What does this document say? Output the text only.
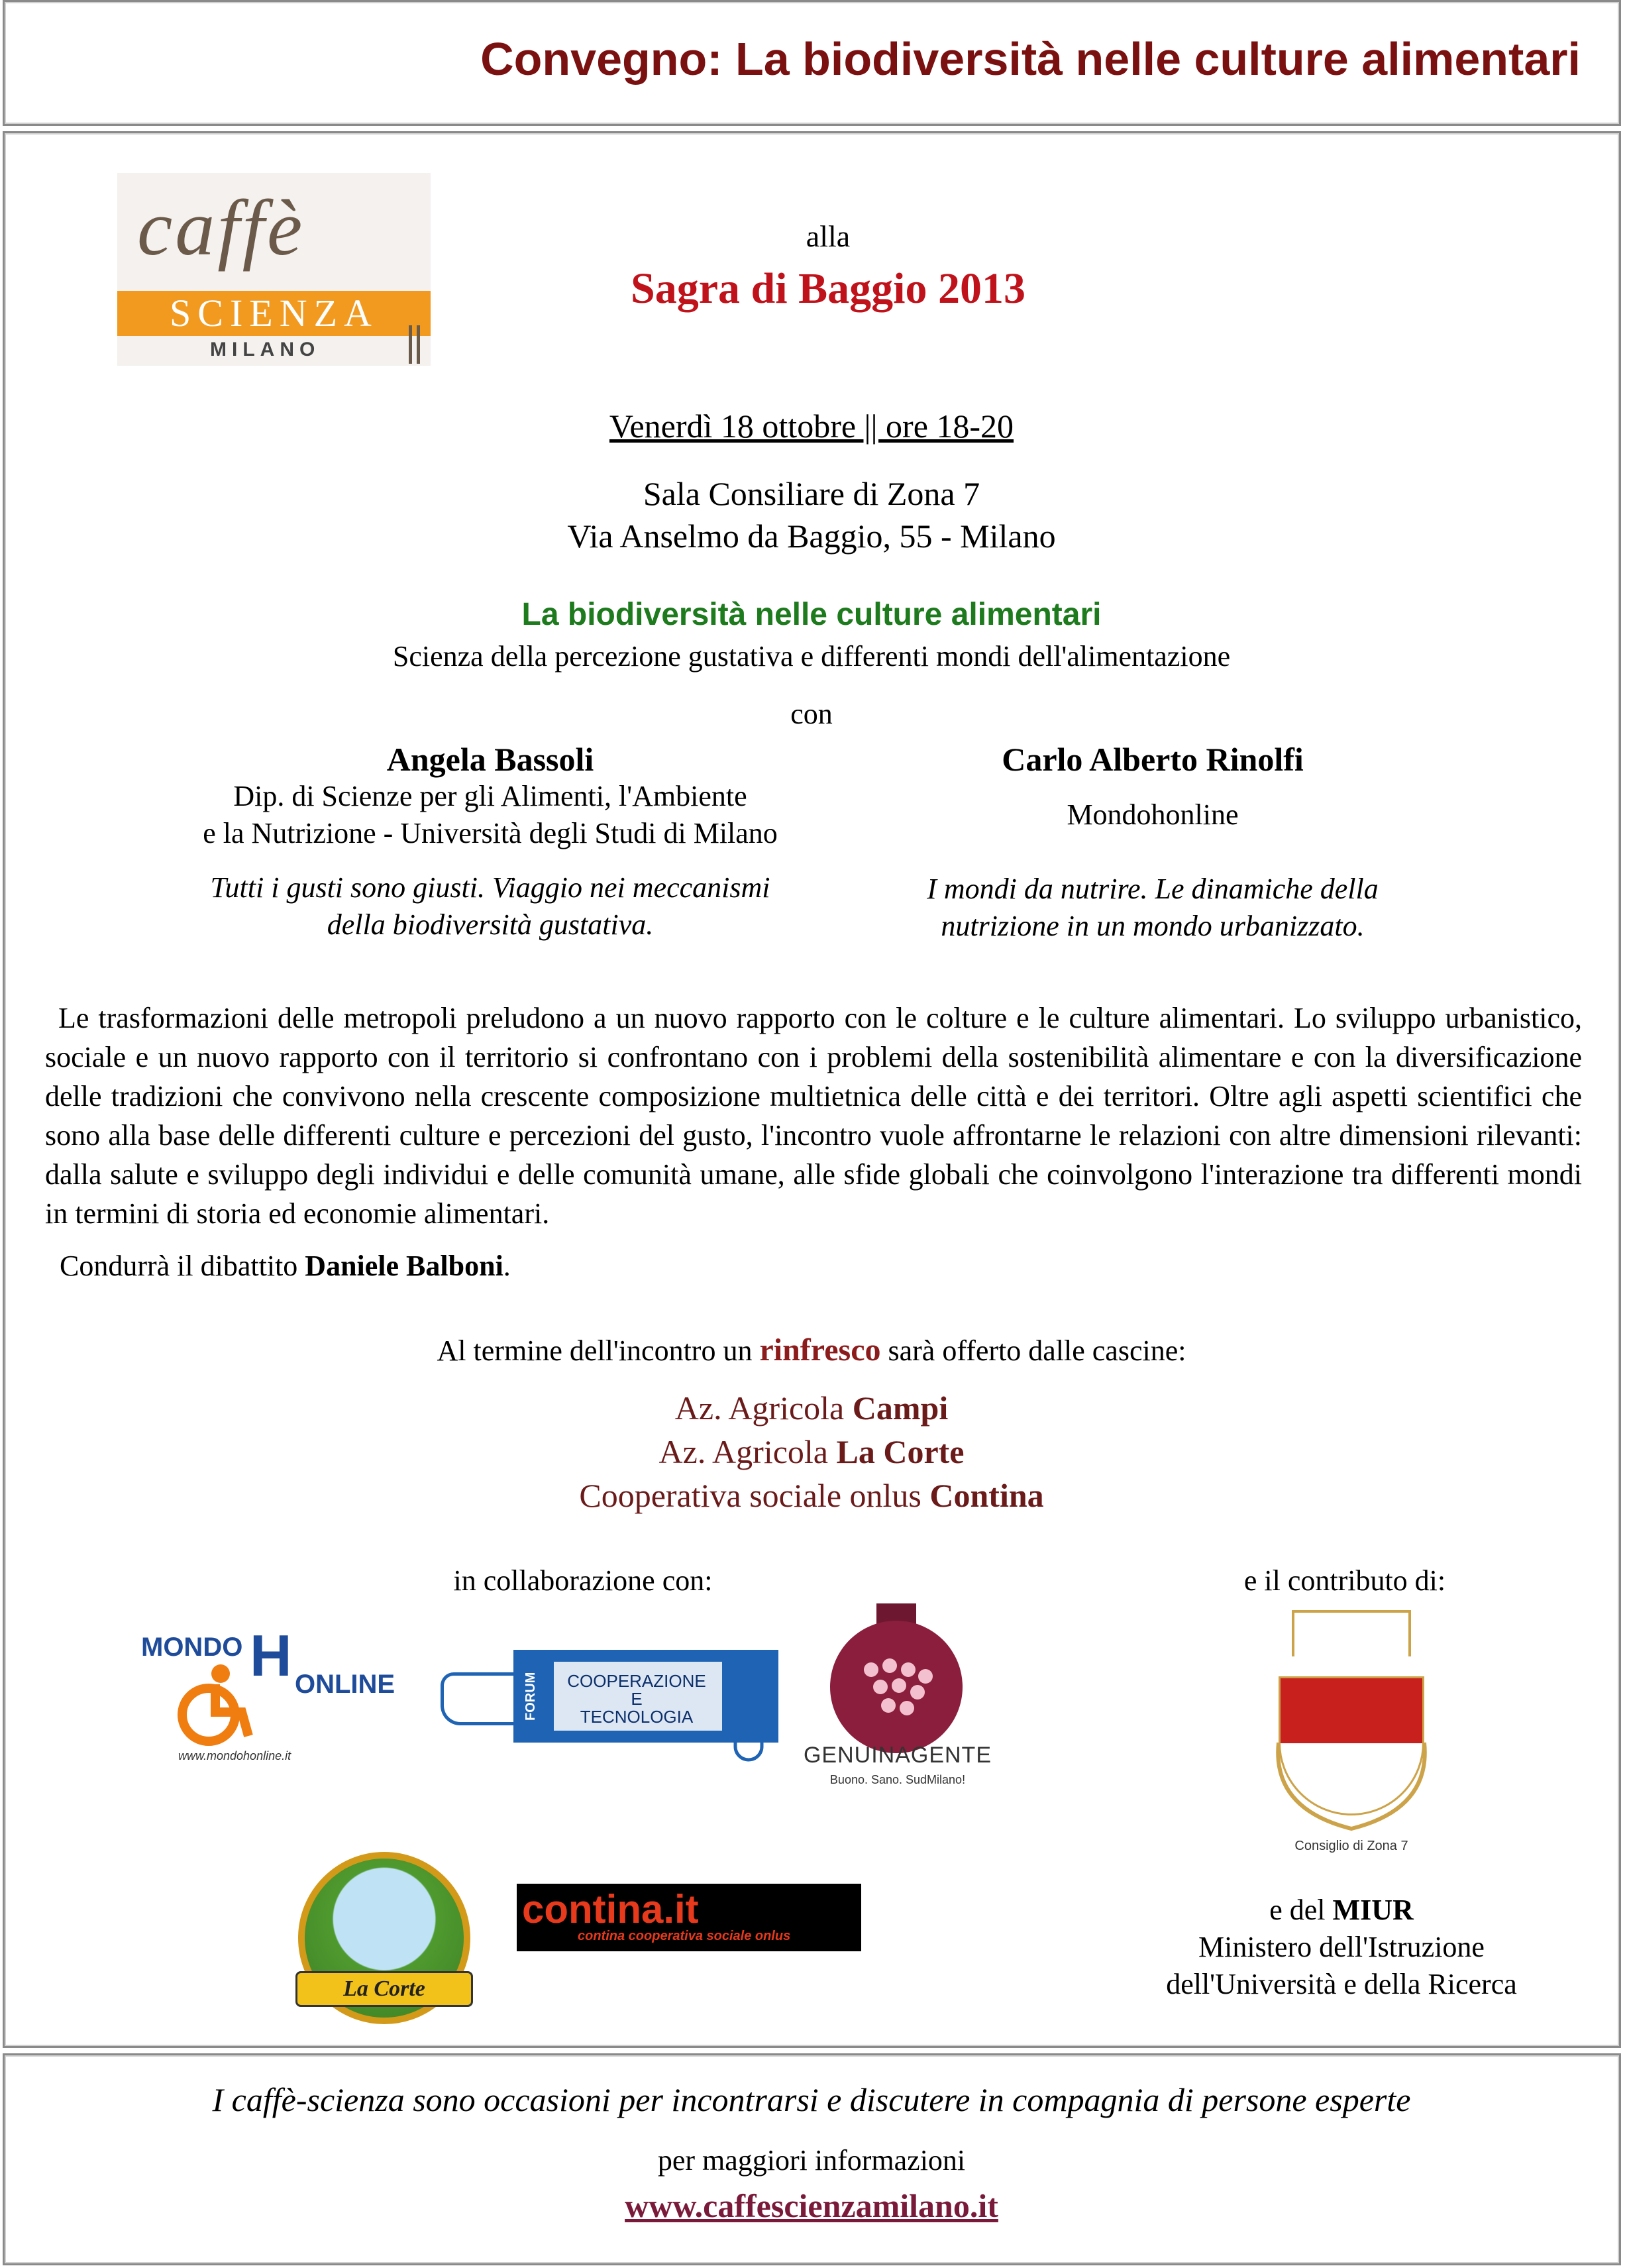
Convegno: La biodiversità nelle culture alimentari
caffè
SCIENZA
MILANO
alla
Sagra di Baggio 2013
Venerdì 18 ottobre || ore 18-20
Sala Consiliare di Zona 7
Via Anselmo da Baggio, 55 - Milano
La biodiversità nelle culture alimentari
Scienza della percezione gustativa e differenti mondi dell'alimentazione
con
Angela Bassoli
Dip. di Scienze per gli Alimenti, l'Ambiente
e la Nutrizione - Università degli Studi di Milano
Tutti i gusti sono giusti. Viaggio nei meccanismi
della biodiversità gustativa.
Carlo Alberto Rinolfi
Mondohonline
I mondi da nutrire. Le dinamiche della
nutrizione in un mondo urbanizzato.
Le trasformazioni delle metropoli preludono a un nuovo rapporto con le colture e le culture alimentari. Lo sviluppo urbanistico, sociale e un nuovo rapporto con il territorio si confrontano con i problemi della sostenibilità alimentare e con la diversificazione delle tradizioni che convivono nella crescente composizione multietnica delle città e dei territori. Oltre agli aspetti scientifici che sono alla base delle differenti culture e percezioni del gusto, l'incontro vuole affrontarne le relazioni con altre dimensioni rilevanti: dalla salute e sviluppo degli individui e delle comunità umane, alle sfide globali che coinvolgono l'interazione tra differenti mondi in termini di storia ed economie alimentari.
Condurrà il dibattito Daniele Balboni.
Al termine dell'incontro un rinfresco sarà offerto dalle cascine:
Az. Agricola Campi
Az. Agricola La Corte
Cooperativa sociale onlus Contina
in collaborazione con:	e il contributo di:
MONDO H ONLINE
www.mondohonline.it
FORUM	COOPERAZIONE
E
TECNOLOGIA
GENUINAGENTE
Buono. Sano. SudMilano!
La Corte
contina.it
contina cooperativa sociale onlus
Consiglio di Zona 7
e del MIUR
Ministero dell'Istruzione
dell'Università e della Ricerca
I caffè-scienza sono occasioni per incontrarsi e discutere in compagnia di persone esperte
per maggiori informazioni
www.caffescienzamilano.it
